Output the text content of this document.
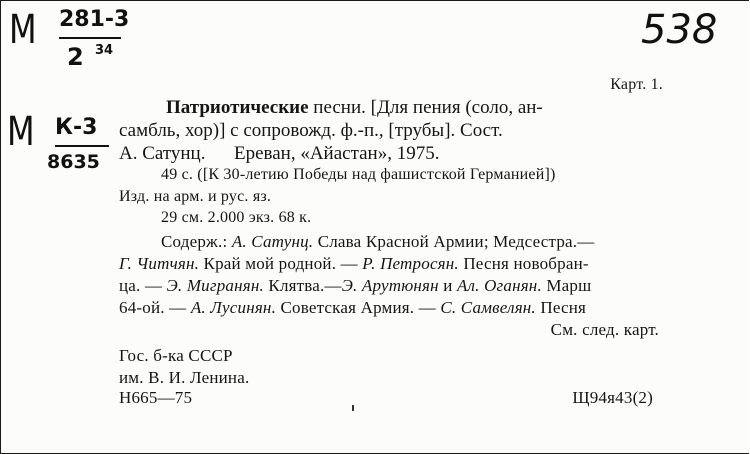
М 281-3
2 34	538
М К-3
8635
Карт. 1.
Патриотические песни. [Для пения (соло, ан-
самбль, хор)] с сопровожд. ф.-п., [трубы]. Сост.
А. Сатунц.      Ереван, «Айастан», 1975.
49 с. ([К 30-летию Победы над фашистской Германией])
Изд. на арм. и рус. яз.
29 см. 2.000 экз. 68 к.
Содерж.: А. Сатунц. Слава Красной Армии; Медсестра.—
Г. Читчян. Край мой родной. — Р. Петросян. Песня новобран-
ца. — Э. Мигранян. Клятва.—Э. Арутюнян и Ал. Оганян. Марш
64-ой. — А. Лусинян. Советская Армия. — С. Самвелян. Песня
См. след. карт.
Гос. б-ка СССР
им. В. И. Ленина.
Н665—75	Щ94я43(2)
